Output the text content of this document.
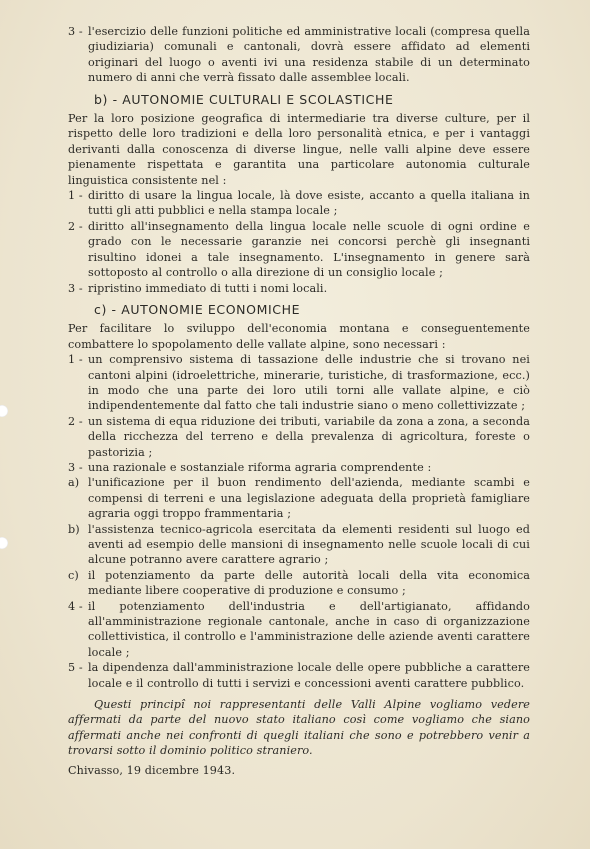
3 - l'esercizio delle funzioni politiche ed amministrative locali (compresa quella giudiziaria) comunali e cantonali, dovrà essere affidato ad elementi originari del luogo o aventi ivi una residenza stabile di un determinato numero di anni che verrà fissato dalle assemblee locali.
b) - AUTONOMIE CULTURALI E SCOLASTICHE
Per la loro posizione geografica di intermediarie tra diverse culture, per il rispetto delle loro tradizioni e della loro personalità etnica, e per i vantaggi derivanti dalla conoscenza di diverse lingue, nelle valli alpine deve essere pienamente rispettata e garantita una particolare autonomia culturale linguistica consistente nel :
1 - diritto di usare la lingua locale, là dove esiste, accanto a quella italiana in tutti gli atti pubblici e nella stampa locale ;
2 - diritto all'insegnamento della lingua locale nelle scuole di ogni ordine e grado con le necessarie garanzie nei concorsi perchè gli insegnanti risultino idonei a tale insegnamento. L'insegnamento in genere sarà sottoposto al controllo o alla direzione di un consiglio locale ;
3 - ripristino immediato di tutti i nomi locali.
c) - AUTONOMIE ECONOMICHE
Per facilitare lo sviluppo dell'economia montana e conseguentemente combattere lo spopolamento delle vallate alpine, sono necessari :
1 - un comprensivo sistema di tassazione delle industrie che si trovano nei cantoni alpini (idroelettriche, minerarie, turistiche, di trasformazione, ecc.) in modo che una parte dei loro utili torni alle vallate alpine, e ciò indipendentemente dal fatto che tali industrie siano o meno collettivizzate ;
2 - un sistema di equa riduzione dei tributi, variabile da zona a zona, a seconda della ricchezza del terreno e della prevalenza di agricoltura, foreste o pastorizia ;
3 - una razionale e sostanziale riforma agraria comprendente :
a) l'unificazione per il buon rendimento dell'azienda, mediante scambi e compensi di terreni e una legislazione adeguata della proprietà famigliare agraria oggi troppo frammentaria ;
b) l'assistenza tecnico-agricola esercitata da elementi residenti sul luogo ed aventi ad esempio delle mansioni di insegnamento nelle scuole locali di cui alcune potranno avere carattere agrario ;
c) il potenziamento da parte delle autorità locali della vita economica mediante libere cooperative di produzione e consumo ;
4 - il potenziamento dell'industria e dell'artigianato, affidando all'amministrazione regionale cantonale, anche in caso di organizzazione collettivistica, il controllo e l'amministrazione delle aziende aventi carattere locale ;
5 - la dipendenza dall'amministrazione locale delle opere pubbliche a carattere locale e il controllo di tutti i servizi e concessioni aventi carattere pubblico.
Questi principî noi rappresentanti delle Valli Alpine vogliamo vedere affermati da parte del nuovo stato italiano così come vogliamo che siano affermati anche nei confronti di quegli italiani che sono e potrebbero venir a trovarsi sotto il dominio politico straniero.
Chivasso, 19 dicembre 1943.
